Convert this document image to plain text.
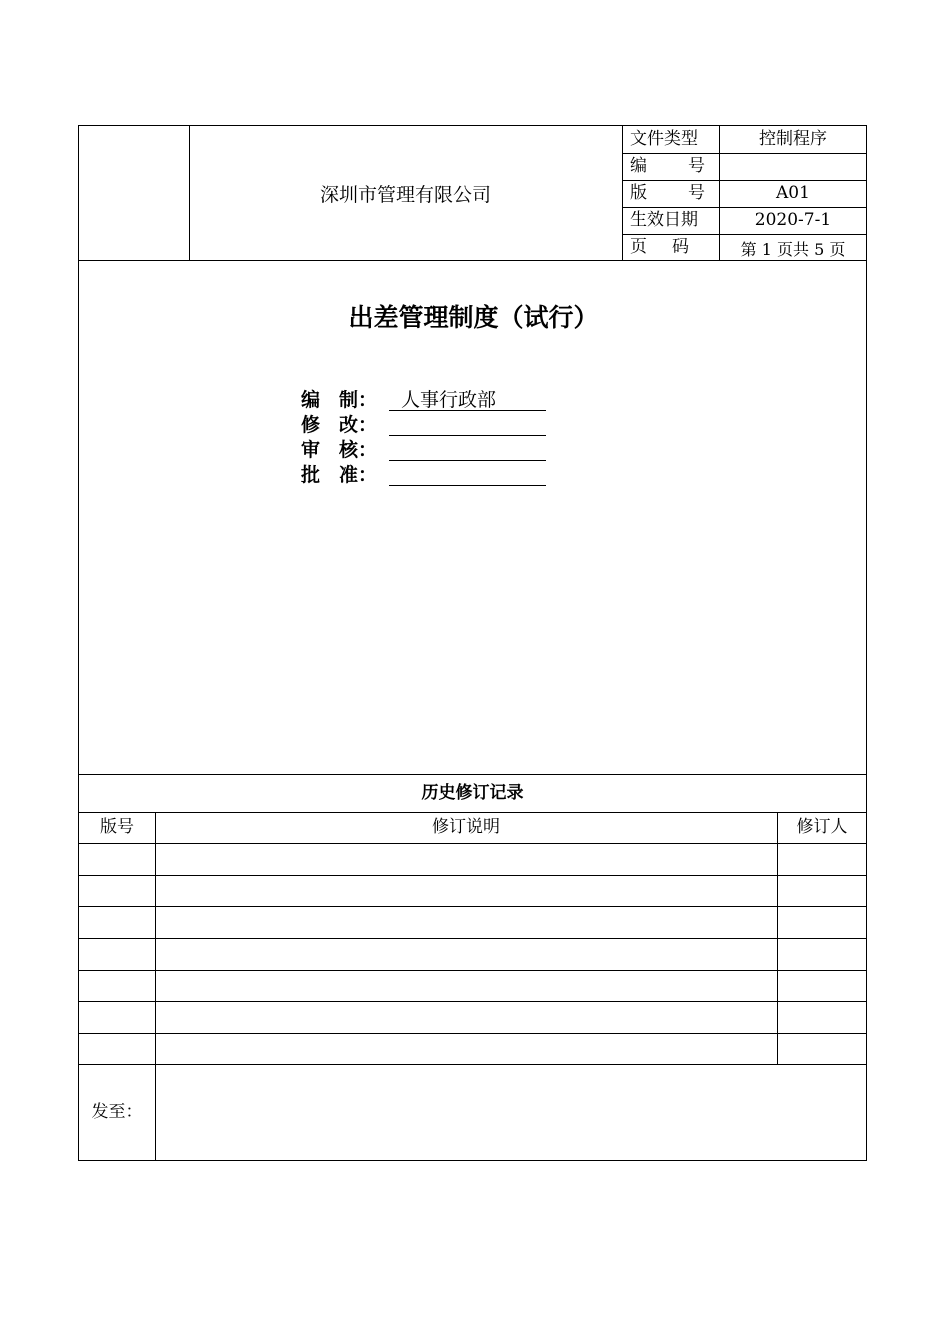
深圳市管理有限公司
文件类型	控制程序
编 号
版 号	A01
生效日期	2020-7-1
页 码	第 1 页共 5 页
出差管理制度（试行）
编　制：	人事行政部
修　改：
审　核：
批　准：
历史修订记录
版号	修订说明	修订人
发至：
